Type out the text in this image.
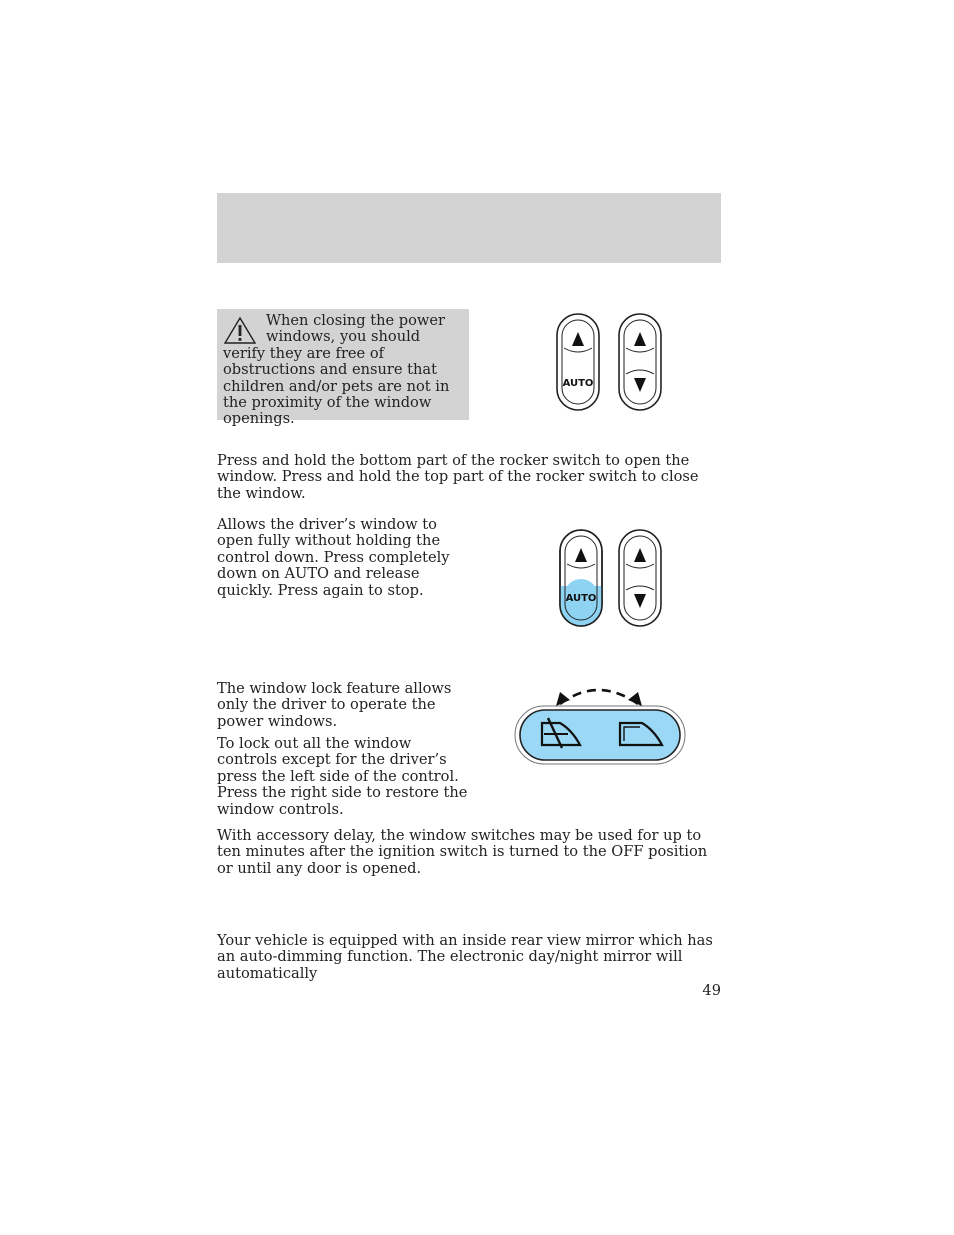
When closing the power windows, you should verify they are free of obstructions and ensure that children and/or pets are not in the proximity of the window openings.

AUTO

Press and hold the bottom part of the rocker switch to open the window. Press and hold the top part of the rocker switch to close the window.

Allows the driver’s window to open fully without holding the control down. Press completely down on AUTO and release quickly. Press again to stop.	AUTO

The window lock feature allows only the driver to operate the power windows.

To lock out all the window controls except for the driver’s press the left side of the control. Press the right side to restore the window controls.

With accessory delay, the window switches may be used for up to ten minutes after the ignition switch is turned to the OFF position or until any door is opened.

Your vehicle is equipped with an inside rear view mirror which has an auto-dimming function. The electronic day/night mirror will automatically

49
